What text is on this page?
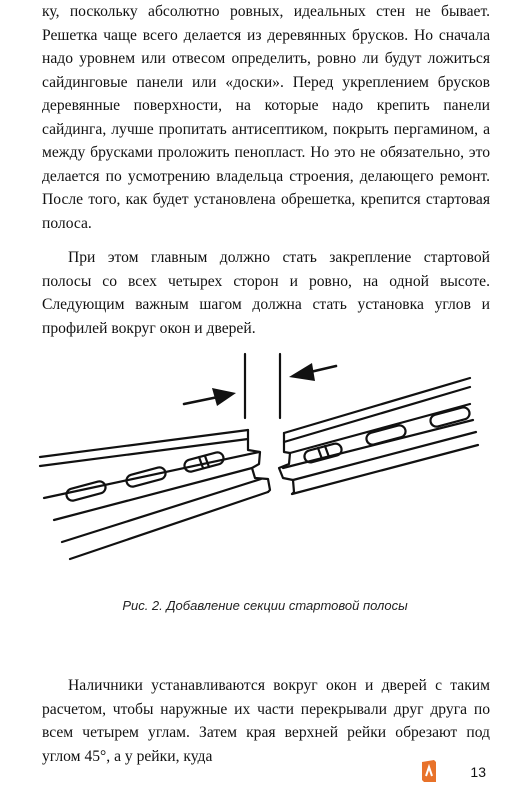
ку, поскольку абсолютно ровных, идеальных стен не бывает. Решетка чаще всего делается из деревянных брусков. Но сначала надо уровнем или отвесом определить, ровно ли будут ложиться сайдинговые панели или «доски». Перед укреплением брусков деревянные поверхности, на которые надо крепить панели сайдинга, лучше пропитать антисептиком, покрыть пергамином, а между брусками проложить пенопласт. Но это не обязательно, это делается по усмотрению владельца строения, делающего ремонт. После того, как будет установлена обрешетка, крепится стартовая полоса.

При этом главным должно стать закрепление стартовой полосы со всех четырех сторон и ровно, на одной высоте. Следующим важным шагом должна стать установка углов и профилей вокруг окон и дверей.

Рис. 2. Добавление секции стартовой полосы

Наличники устанавливаются вокруг окон и дверей с таким расчетом, чтобы наружные их части перекрывали друг друга по всем четырем углам. Затем края верхней рейки обрезают под углом 45°, а у рейки, куда

13
